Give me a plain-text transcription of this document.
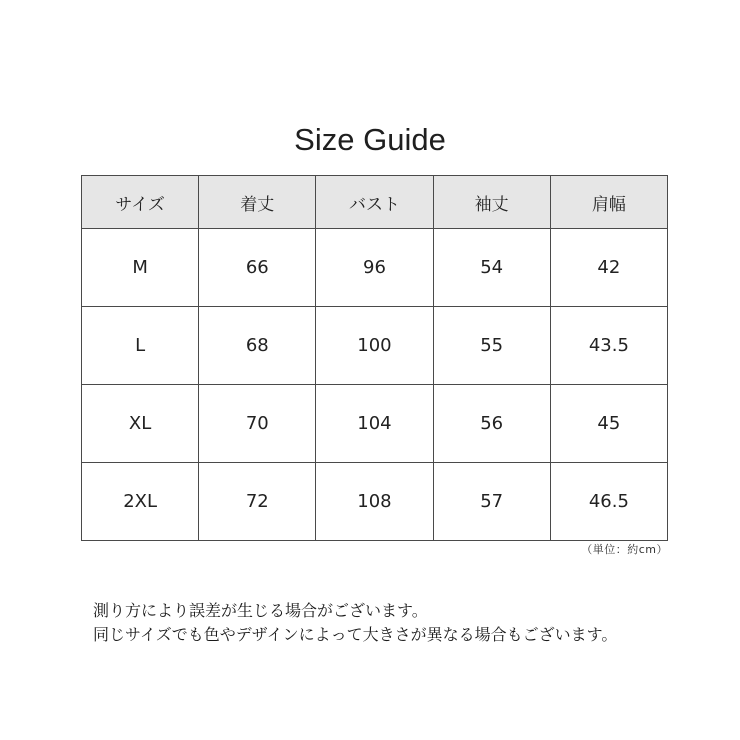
Size Guide
サイズ	着丈	バスト	袖丈	肩幅
M	66	96	54	42
L	68	100	55	43.5
XL	70	104	56	45
2XL	72	108	57	46.5
（単位：約cm）
測り方により誤差が生じる場合がございます。
同じサイズでも色やデザインによって大きさが異なる場合もございます。
